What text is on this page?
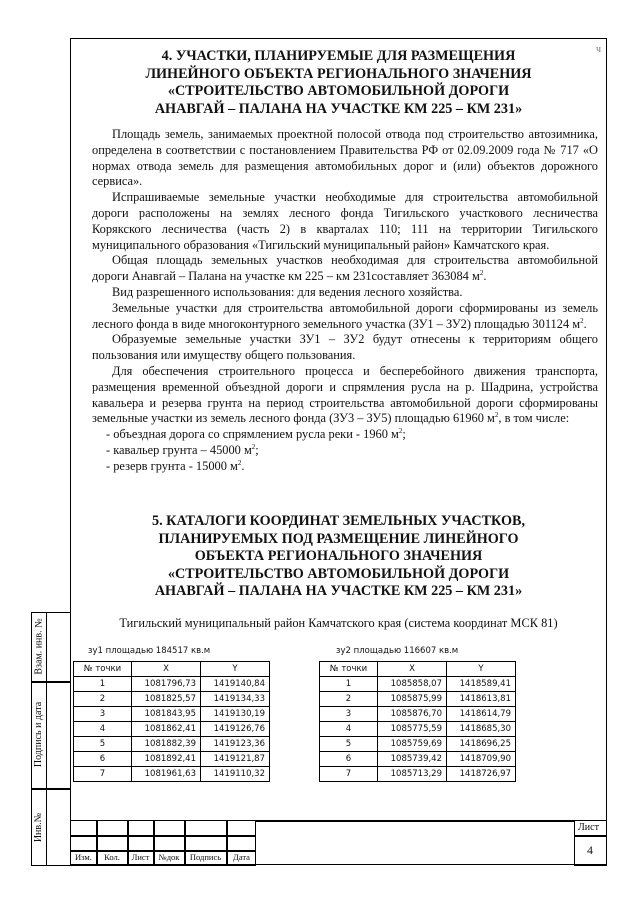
ч
4. УЧАСТКИ, ПЛАНИРУЕМЫЕ ДЛЯ РАЗМЕЩЕНИЯ
ЛИНЕЙНОГО ОБЪЕКТА РЕГИОНАЛЬНОГО ЗНАЧЕНИЯ
«СТРОИТЕЛЬСТВО АВТОМОБИЛЬНОЙ ДОРОГИ
АНАВГАЙ – ПАЛАНА НА УЧАСТКЕ КМ 225 – КМ 231»

Площадь земель, занимаемых проектной полосой отвода под строительство автозимника, определена в соответствии с постановлением Правительства РФ от 02.09.2009 года № 717 «О нормах отвода земель для размещения автомобильных дорог и (или) объектов дорожного сервиса».

Испрашиваемые земельные участки необходимые для строительства автомобильной дороги расположены на землях лесного фонда Тигильского участкового лесничества Корякского лесничества (часть 2) в кварталах 110; 111 на территории Тигильского муниципального образования «Тигильский муниципальный район» Камчатского края.

Общая площадь земельных участков необходимая для строительства автомобильной дороги Анавгай – Палана на участке км 225 – км 231составляет 363084 $м^2$.

Вид разрешенного использования: для ведения лесного хозяйства.

Земельные участки для строительства автомобильной дороги сформированы из земель лесного фонда в виде многоконтурного земельного участка (ЗУ1 – ЗУ2) площадью 301124 $м^2$.

Образуемые земельные участки ЗУ1 – ЗУ2 будут отнесены к территориям общего пользования или имуществу общего пользования.

Для обеспечения строительного процесса и бесперебойного движения транспорта, размещения временной объездной дороги и спрямления русла на р. Шадрина, устройства кавальера и резерва грунта на период строительства автомобильной дороги сформированы земельные участки из земель лесного фонда (ЗУ3 – ЗУ5) площадью 61960 $м^2$, в том числе:

- объездная дорога со спрямлением русла реки - 1960 $м^2$;

- кавальер грунта – 45000 $м^2$;

- резерв грунта - 15000 $м^2$.

5. КАТАЛОГИ КООРДИНАТ ЗЕМЕЛЬНЫХ УЧАСТКОВ,
ПЛАНИРУЕМЫХ ПОД РАЗМЕЩЕНИЕ ЛИНЕЙНОГО
ОБЪЕКТА РЕГИОНАЛЬНОГО ЗНАЧЕНИЯ
«СТРОИТЕЛЬСТВО АВТОМОБИЛЬНОЙ ДОРОГИ
АНАВГАЙ – ПАЛАНА НА УЧАСТКЕ КМ 225 – КМ 231»
Тигильский муниципальный район Камчатского края (система координат МСК 81)
зу1 площадью 184517 кв.м
№ точки	X	Y
1	1081796,73	1419140,84
2	1081825,57	1419134,33
3	1081843,95	1419130,19
4	1081862,41	1419126,76
5	1081882,39	1419123,36
6	1081892,41	1419121,87
7	1081961,63	1419110,32
зу2 площадью 116607 кв.м
№ точки	X	Y
1	1085858,07	1418589,41
2	1085875,99	1418613,81
3	1085876,70	1418614,79
4	1085775,59	1418685,30
5	1085759,69	1418696,25
6	1085739,42	1418709,90
7	1085713,29	1418726,97
Взам. инв. №
Подпись и дата
Инв.№
Изм.	Кол.	Лист	№док	Подпись	Дата
Лист
4
